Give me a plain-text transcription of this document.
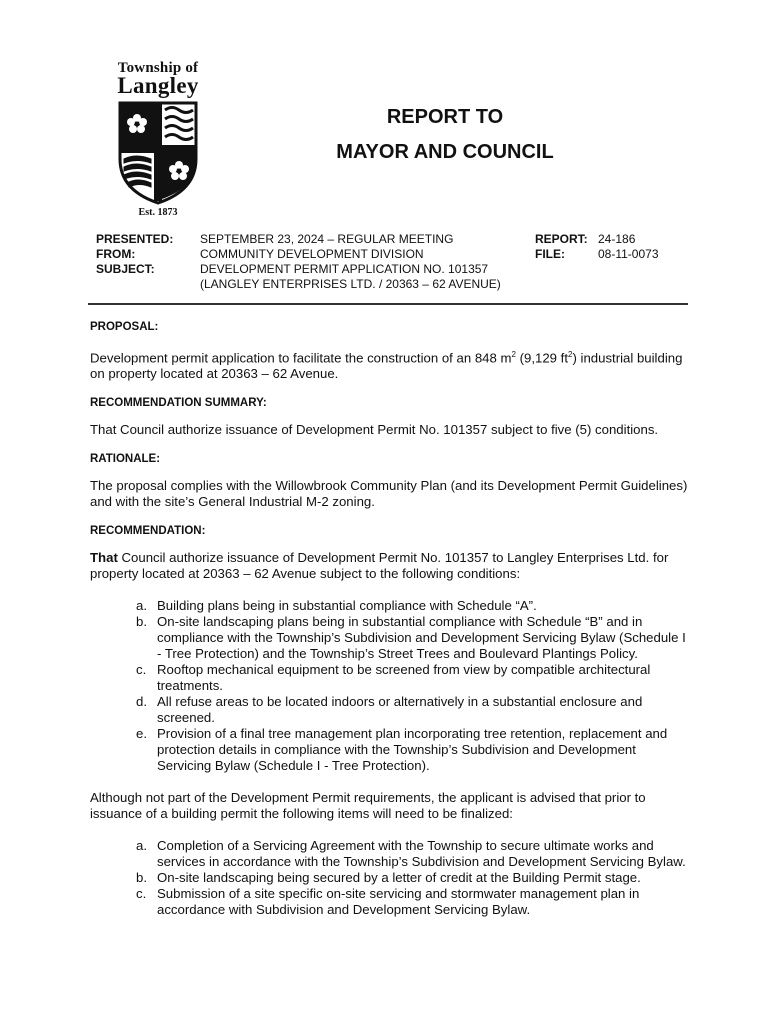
Township of
Langley
Est. 1873
REPORT TO
MAYOR AND COUNCIL
PRESENTED:
FROM:
SUBJECT:
SEPTEMBER 23, 2024 – REGULAR MEETING
COMMUNITY DEVELOPMENT DIVISION
DEVELOPMENT PERMIT APPLICATION NO. 101357
(LANGLEY ENTERPRISES LTD. / 20363 – 62 AVENUE)
REPORT:
FILE:
24-186
08-11-0073

PROPOSAL:

Development permit application to facilitate the construction of an 848 $m^2$ (9,129 $ft^2$) industrial building on property located at 20363 – 62 Avenue.

RECOMMENDATION SUMMARY:

That Council authorize issuance of Development Permit No. 101357 subject to five (5) conditions.

RATIONALE:

The proposal complies with the Willowbrook Community Plan (and its Development Permit Guidelines) and with the site’s General Industrial M-2 zoning.

RECOMMENDATION:

That Council authorize issuance of Development Permit No. 101357 to Langley Enterprises Ltd. for property located at 20363 – 62 Avenue subject to the following conditions:

a. Building plans being in substantial compliance with Schedule “A”.
b. On-site landscaping plans being in substantial compliance with Schedule “B” and in compliance with the Township’s Subdivision and Development Servicing Bylaw (Schedule I - Tree Protection) and the Township’s Street Trees and Boulevard Plantings Policy.
c. Rooftop mechanical equipment to be screened from view by compatible architectural treatments.
d. All refuse areas to be located indoors or alternatively in a substantial enclosure and screened.
e. Provision of a final tree management plan incorporating tree retention, replacement and protection details in compliance with the Township’s Subdivision and Development Servicing Bylaw (Schedule I - Tree Protection).

Although not part of the Development Permit requirements, the applicant is advised that prior to issuance of a building permit the following items will need to be finalized:

a. Completion of a Servicing Agreement with the Township to secure ultimate works and services in accordance with the Township’s Subdivision and Development Servicing Bylaw.
b. On-site landscaping being secured by a letter of credit at the Building Permit stage.
c. Submission of a site specific on-site servicing and stormwater management plan in accordance with Subdivision and Development Servicing Bylaw.
